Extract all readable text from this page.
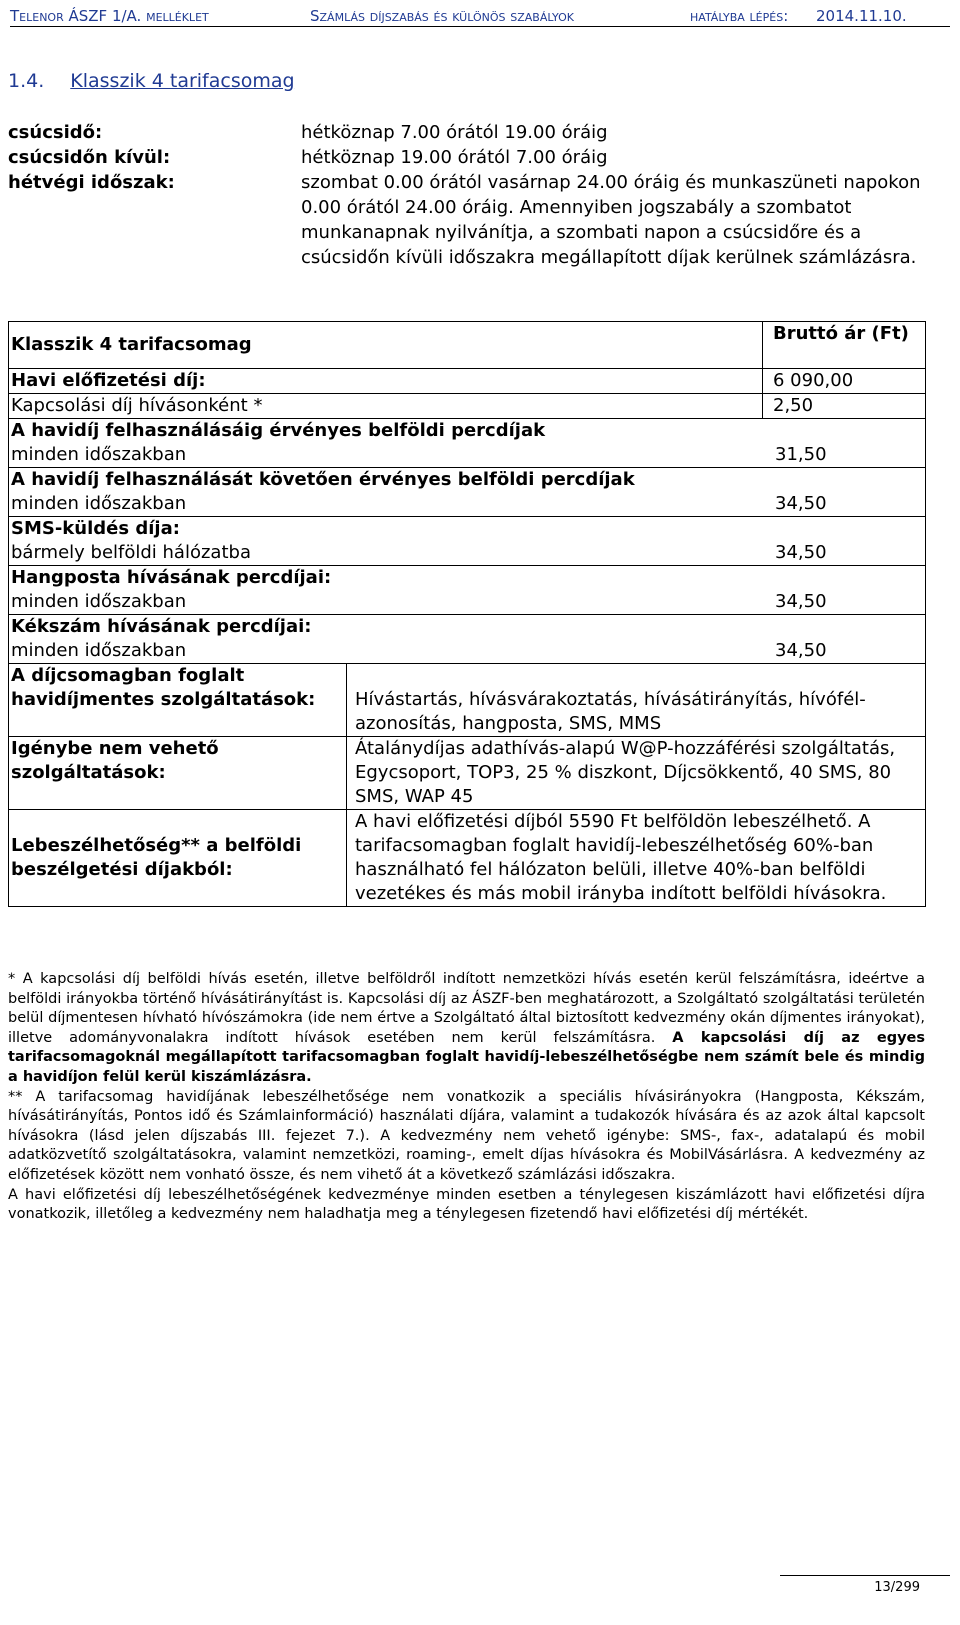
Telenor ÁSZF 1/A. melléklet	Számlás díjszabás és különös szabályok	hatályba lépés: 2014.11.10.
1.4. Klasszik 4 tarifacsomag
csúcsidő:	hétköznap 7.00 órától 19.00 óráig
csúcsidőn kívül:	hétköznap 19.00 órától 7.00 óráig
hétvégi időszak:	szombat 0.00 órától vasárnap 24.00 óráig és munkaszüneti napokon 0.00 órától 24.00 óráig. Amennyiben jogszabály a szombatot munkanapnak nyilvánítja, a szombati napon a csúcsidőre és a csúcsidőn kívüli időszakra megállapított díjak kerülnek számlázásra.
Klasszik 4 tarifacsomag		Bruttó ár (Ft)
Havi előfizetési díj:		6 090,00
Kapcsolási díj hívásonként *		2,50

A havidíj felhasználásáig érvényes belföldi percdíjak
minden időszakban 31,50		

A havidíj felhasználását követően érvényes belföldi percdíjak
minden időszakban 34,50		

SMS-küldés díja:
bármely belföldi hálózatba 34,50		

Hangposta hívásának percdíjai:
minden időszakban 34,50		

Kékszám hívásának percdíjai:
minden időszakban 34,50		

A díjcsomagban foglalt havidíjmentes szolgáltatások:	Hívástartás, hívásvárakoztatás, hívásátirányítás, hívófél-azonosítás, hangposta, SMS, MMS	
Igénybe nem vehető szolgáltatások:	Átalánydíjas adathívás-alapú W@P-hozzáférési szolgáltatás, Egycsoport, TOP3, 25 % diszkont, Díjcsökkentő, 40 SMS, 80 SMS, WAP 45	
Lebeszélhetőség** a belföldi beszélgetési díjakból:	A havi előfizetési díjból 5590 Ft belföldön lebeszélhető. A tarifacsomagban foglalt havidíj-lebeszélhetőség 60%-ban használható fel hálózaton belüli, illetve 40%-ban belföldi vezetékes és más mobil irányba indított belföldi hívásokra.	

* A kapcsolási díj belföldi hívás esetén, illetve belföldről indított nemzetközi hívás esetén kerül felszámításra, ideértve a belföldi irányokba történő hívásátirányítást is. Kapcsolási díj az ÁSZF-ben meghatározott, a Szolgáltató szolgáltatási területén belül díjmentesen hívható hívószámokra (ide nem értve a Szolgáltató által biztosított kedvezmény okán díjmentes irányokat), illetve adományvonalakra indított hívások esetében nem kerül felszámításra. A kapcsolási díj az egyes tarifacsomagoknál megállapított tarifacsomagban foglalt havidíj-lebeszélhetőségbe nem számít bele és mindig a havidíjon felül kerül kiszámlázásra.

** A tarifacsomag havidíjának lebeszélhetősége nem vonatkozik a speciális hívásirányokra (Hangposta, Kékszám, hívásátirányítás, Pontos idő és Számlainformáció) használati díjára, valamint a tudakozók hívására és az azok által kapcsolt hívásokra (lásd jelen díjszabás III. fejezet 7.). A kedvezmény nem vehető igénybe: SMS-, fax-, adatalapú és mobil adatközvetítő szolgáltatásokra, valamint nemzetközi, roaming-, emelt díjas hívásokra és MobilVásárlásra. A kedvezmény az előfizetések között nem vonható össze, és nem vihető át a következő számlázási időszakra.

A havi előfizetési díj lebeszélhetőségének kedvezménye minden esetben a ténylegesen kiszámlázott havi előfizetési díjra vonatkozik, illetőleg a kedvezmény nem haladhatja meg a ténylegesen fizetendő havi előfizetési díj mértékét.

13/299
